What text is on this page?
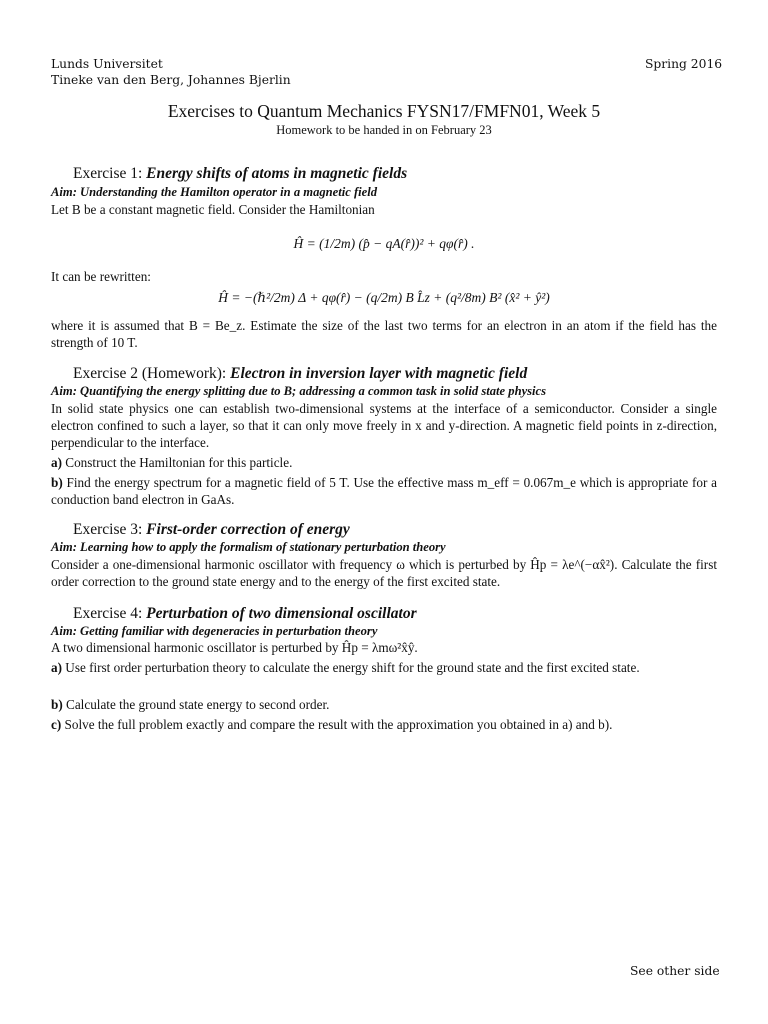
Lunds Universitet
Tineke van den Berg, Johannes Bjerlin
Spring 2016
Exercises to Quantum Mechanics FYSN17/FMFN01, Week 5
Homework to be handed in on February 23
Exercise 1: Energy shifts of atoms in magnetic fields
Aim: Understanding the Hamilton operator in a magnetic field
Let B be a constant magnetic field. Consider the Hamiltonian
Ĥ = (1/2m) (p̂ − qA(r̂))² + qφ(r̂) .
It can be rewritten:
Ĥ = −(ℏ²/2m) Δ + qφ(r̂) − (q/2m) B L̂z + (q²/8m) B² (x̂² + ŷ²)
where it is assumed that B = Be_z. Estimate the size of the last two terms for an electron in an atom if the field has the strength of 10 T.
Exercise 2 (Homework): Electron in inversion layer with magnetic field
Aim: Quantifying the energy splitting due to B; addressing a common task in solid state physics
In solid state physics one can establish two-dimensional systems at the interface of a semiconductor. Consider a single electron confined to such a layer, so that it can only move freely in x and y-direction. A magnetic field points in z-direction, perpendicular to the interface.
a) Construct the Hamiltonian for this particle.
b) Find the energy spectrum for a magnetic field of 5 T. Use the effective mass m_eff = 0.067m_e which is appropriate for a conduction band electron in GaAs.
Exercise 3: First-order correction of energy
Aim: Learning how to apply the formalism of stationary perturbation theory
Consider a one-dimensional harmonic oscillator with frequency ω which is perturbed by Ĥp = λe^(−αx̂²). Calculate the first order correction to the ground state energy and to the energy of the first excited state.
Exercise 4: Perturbation of two dimensional oscillator
Aim: Getting familiar with degeneracies in perturbation theory
A two dimensional harmonic oscillator is perturbed by Ĥp = λmω²x̂ŷ.
a) Use first order perturbation theory to calculate the energy shift for the ground state and the first excited state.
b) Calculate the ground state energy to second order.
c) Solve the full problem exactly and compare the result with the approximation you obtained in a) and b).
See other side
